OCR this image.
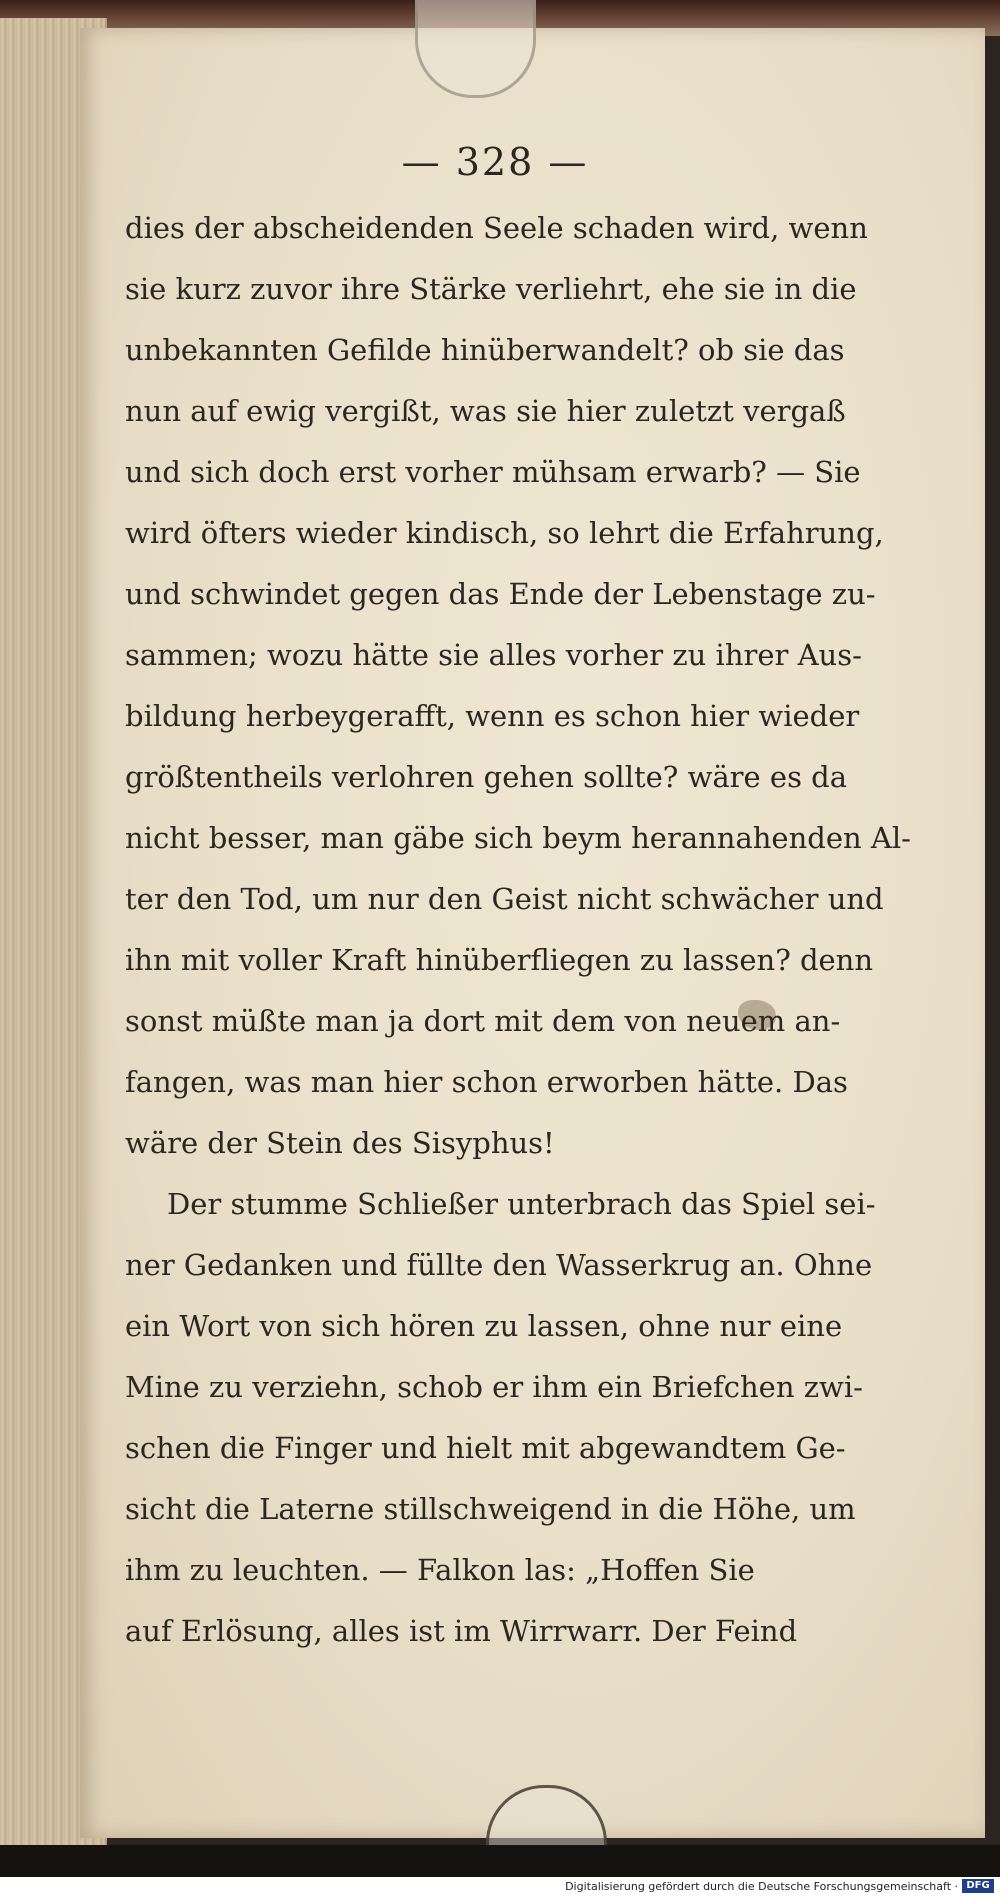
— 328 —
dies der abscheidenden Seele schaden wird, wenn
sie kurz zuvor ihre Stärke verliehrt, ehe sie in die
unbekannten Gefilde hinüberwandelt? ob sie das
nun auf ewig vergißt, was sie hier zuletzt vergaß
und sich doch erst vorher mühsam erwarb? — Sie
wird öfters wieder kindisch, so lehrt die Erfahrung,
und schwindet gegen das Ende der Lebenstage zu-
sammen; wozu hätte sie alles vorher zu ihrer Aus-
bildung herbeygerafft, wenn es schon hier wieder
größtentheils verlohren gehen sollte? wäre es da
nicht besser, man gäbe sich beym herannahenden Al-
ter den Tod, um nur den Geist nicht schwächer und
ihn mit voller Kraft hinüberfliegen zu lassen? denn
sonst müßte man ja dort mit dem von neuem an-
fangen, was man hier schon erworben hätte. Das
wäre der Stein des Sisyphus!
Der stumme Schließer unterbrach das Spiel sei-
ner Gedanken und füllte den Wasserkrug an. Ohne
ein Wort von sich hören zu lassen, ohne nur eine
Mine zu verziehn, schob er ihm ein Briefchen zwi-
schen die Finger und hielt mit abgewandtem Ge-
sicht die Laterne stillschweigend in die Höhe, um
ihm zu leuchten. — Falkon las: „Hoffen Sie
auf Erlösung, alles ist im Wirrwarr. Der Feind
Digitalisierung gefördert durch die Deutsche Forschungsgemeinschaft · DFG
